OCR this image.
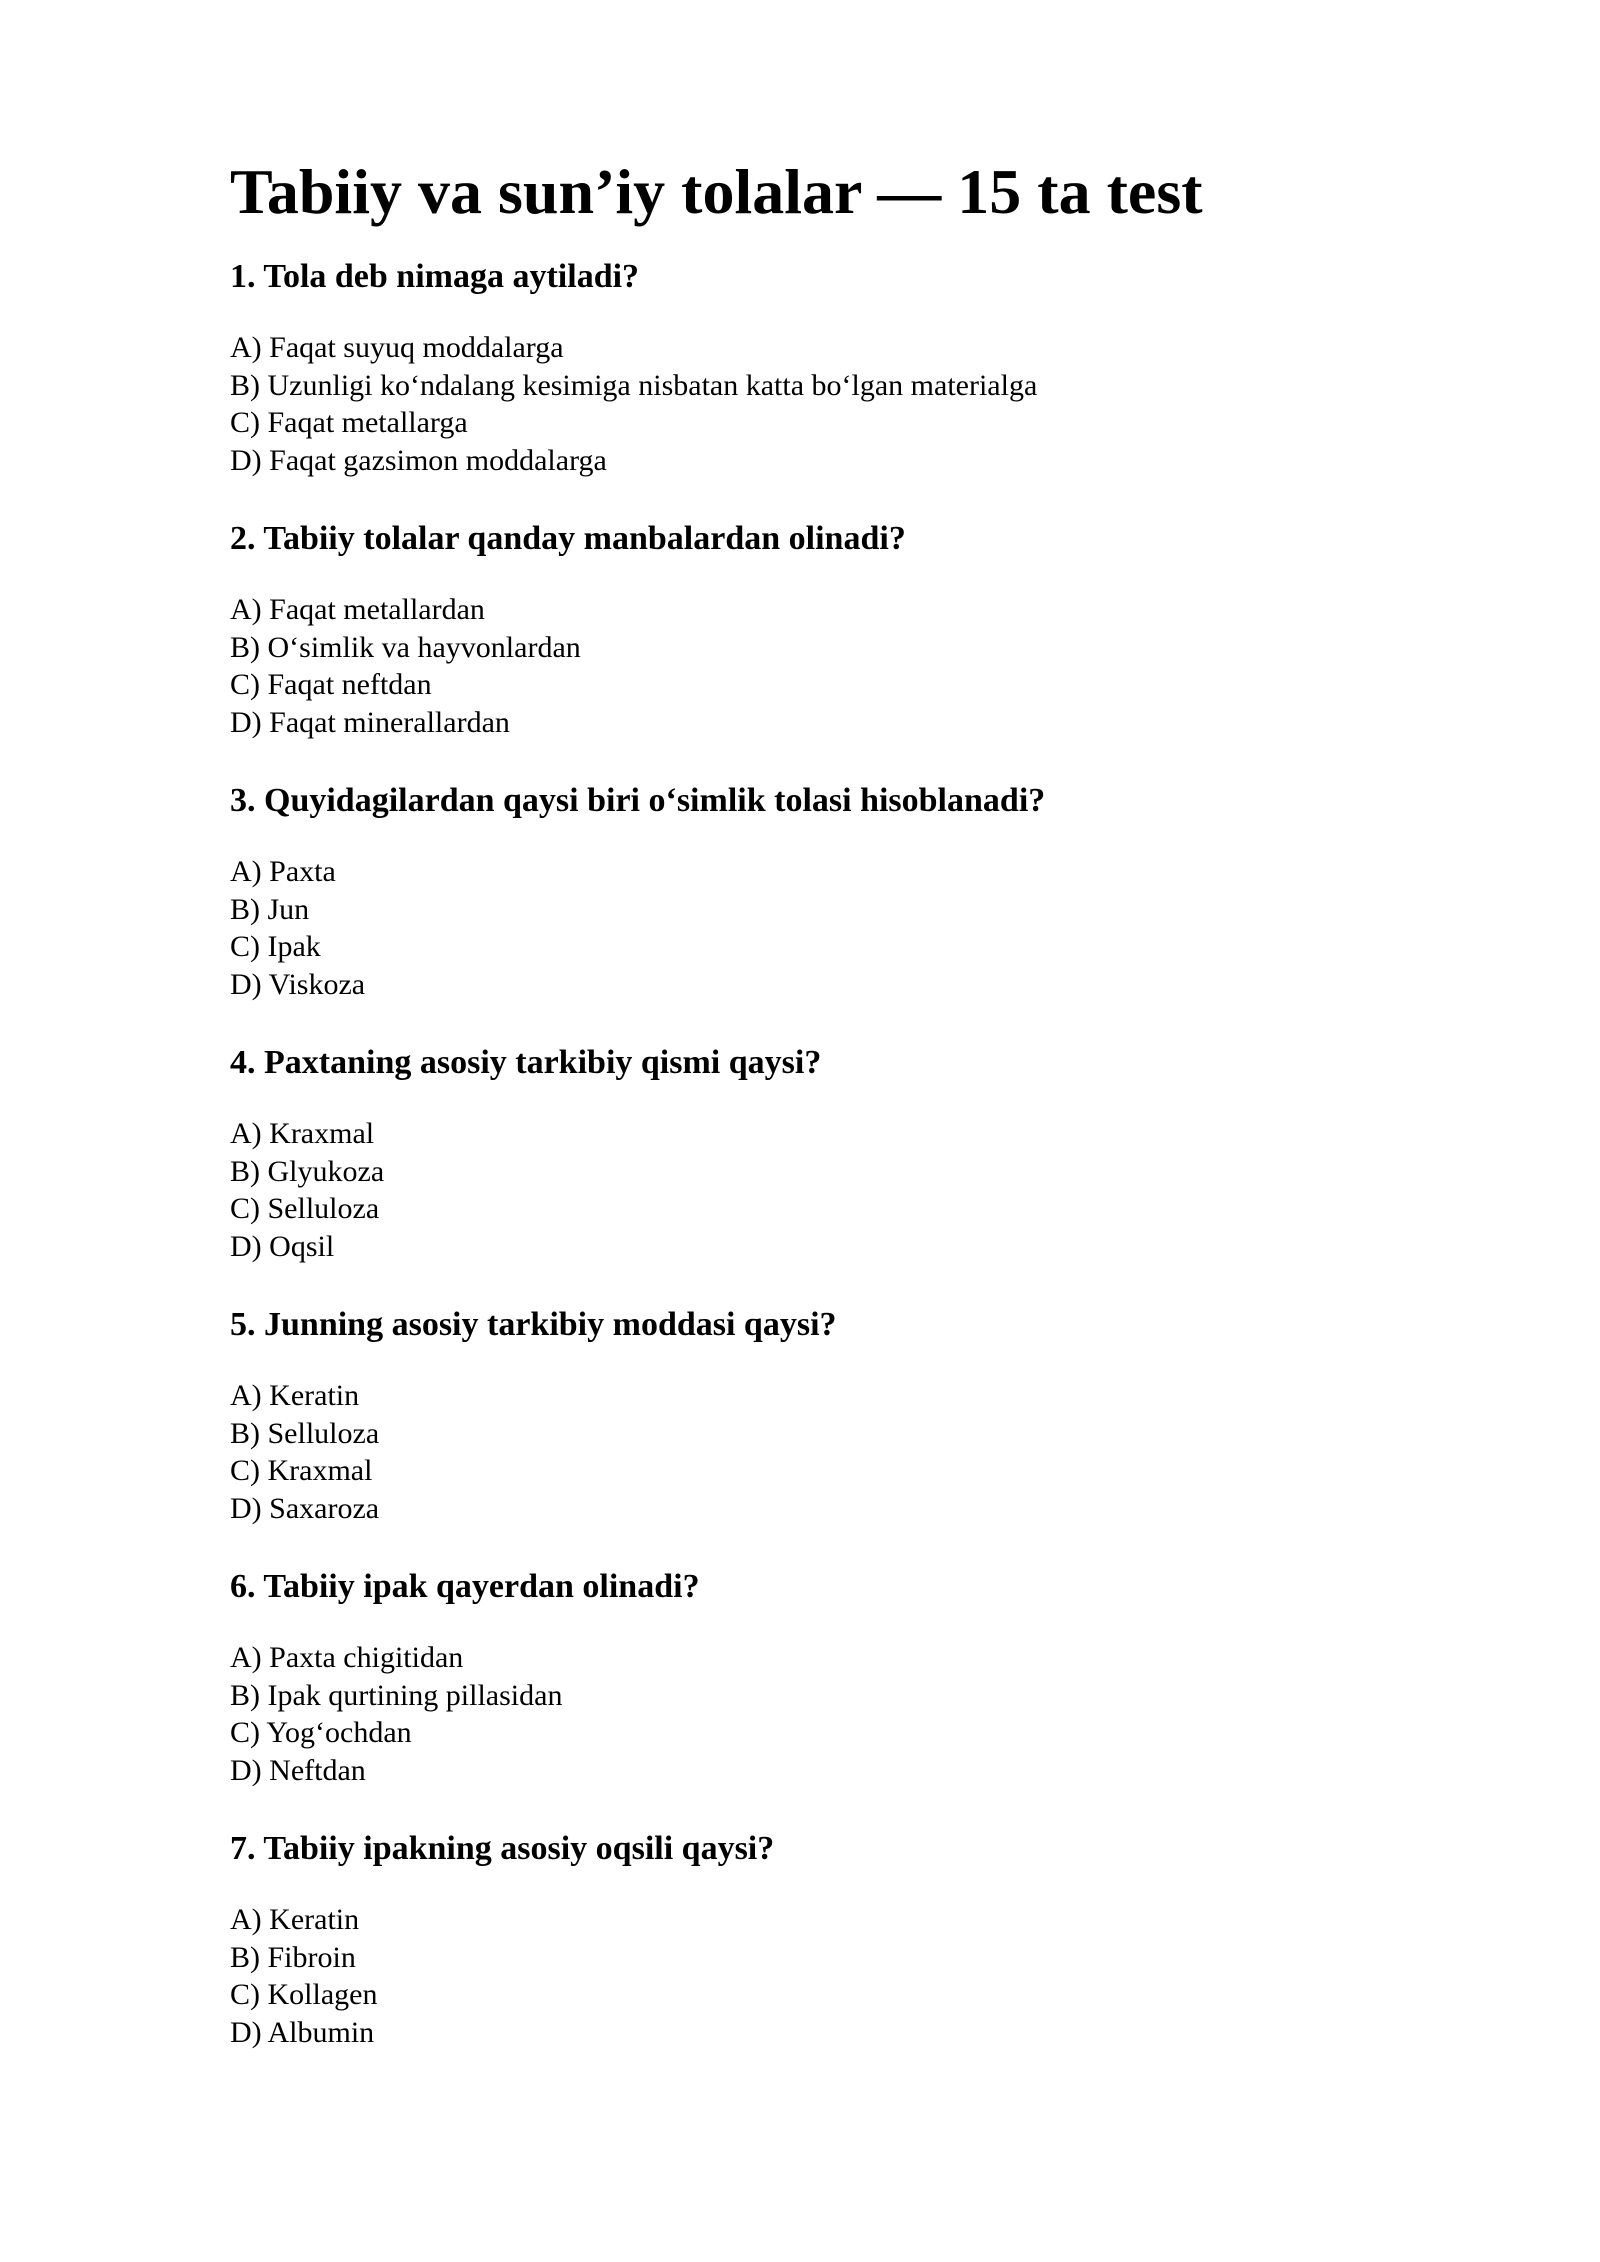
Tabiiy va sun’iy tolalar — 15 ta test
1. Tola deb nimaga aytiladi?
A) Faqat suyuq moddalarga
B) Uzunligi koʻndalang kesimiga nisbatan katta boʻlgan materialga
C) Faqat metallarga
D) Faqat gazsimon moddalarga
2. Tabiiy tolalar qanday manbalardan olinadi?
A) Faqat metallardan
B) Oʻsimlik va hayvonlardan
C) Faqat neftdan
D) Faqat minerallardan
3. Quyidagilardan qaysi biri oʻsimlik tolasi hisoblanadi?
A) Paxta
B) Jun
C) Ipak
D) Viskoza
4. Paxtaning asosiy tarkibiy qismi qaysi?
A) Kraxmal
B) Glyukoza
C) Selluloza
D) Oqsil
5. Junning asosiy tarkibiy moddasi qaysi?
A) Keratin
B) Selluloza
C) Kraxmal
D) Saxaroza
6. Tabiiy ipak qayerdan olinadi?
A) Paxta chigitidan
B) Ipak qurtining pillasidan
C) Yogʻochdan
D) Neftdan
7. Tabiiy ipakning asosiy oqsili qaysi?
A) Keratin
B) Fibroin
C) Kollagen
D) Albumin
